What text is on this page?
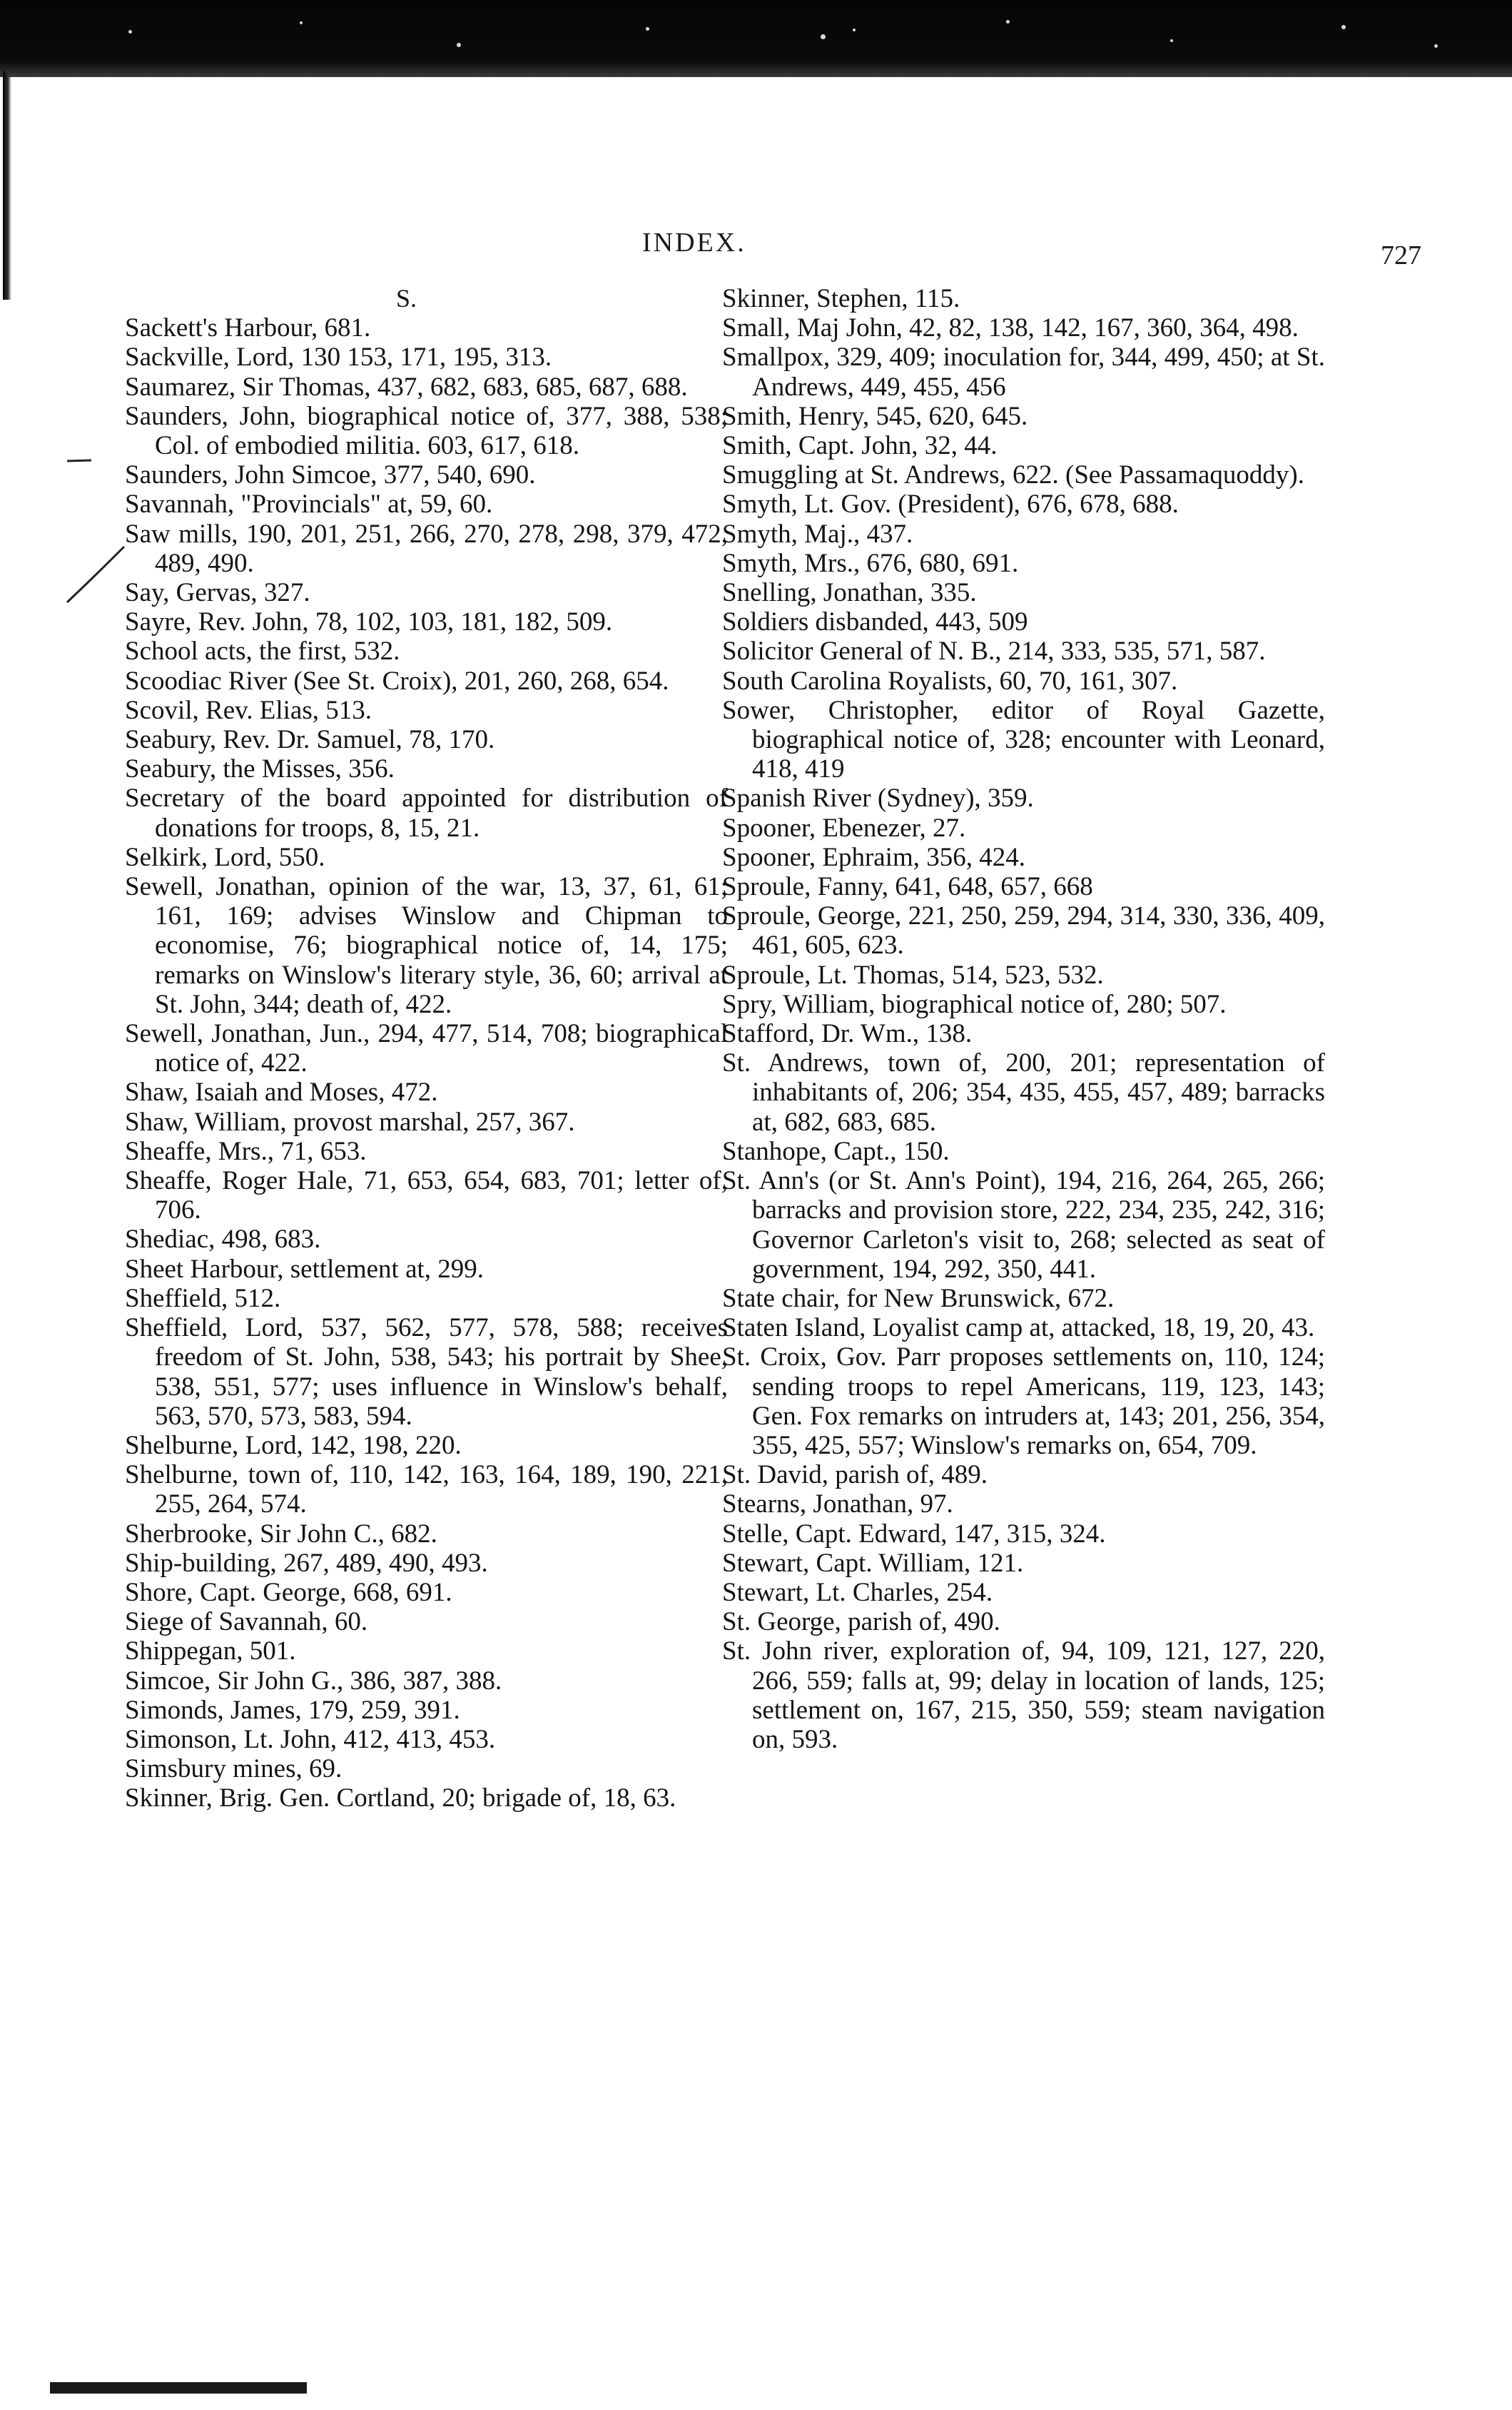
INDEX.	727
S.
Sackett's Harbour, 681.
Sackville, Lord, 130 153, 171, 195, 313.
Saumarez, Sir Thomas, 437, 682, 683, 685, 687, 688.
Saunders, John, biographical notice of, 377, 388, 538; Col. of embodied militia. 603, 617, 618.
Saunders, John Simcoe, 377, 540, 690.
Savannah, "Provincials" at, 59, 60.
Saw mills, 190, 201, 251, 266, 270, 278, 298, 379, 472, 489, 490.
Say, Gervas, 327.
Sayre, Rev. John, 78, 102, 103, 181, 182, 509.
School acts, the first, 532.
Scoodiac River (See St. Croix), 201, 260, 268, 654.
Scovil, Rev. Elias, 513.
Seabury, Rev. Dr. Samuel, 78, 170.
Seabury, the Misses, 356.
Secretary of the board appointed for distribution of donations for troops, 8, 15, 21.
Selkirk, Lord, 550.
Sewell, Jonathan, opinion of the war, 13, 37, 61, 61; 161, 169; advises Winslow and Chipman to economise, 76; biographical notice of, 14, 175; remarks on Winslow's literary style, 36, 60; arrival at St. John, 344; death of, 422.
Sewell, Jonathan, Jun., 294, 477, 514, 708; biographical notice of, 422.
Shaw, Isaiah and Moses, 472.
Shaw, William, provost marshal, 257, 367.
Sheaffe, Mrs., 71, 653.
Sheaffe, Roger Hale, 71, 653, 654, 683, 701; letter of, 706.
Shediac, 498, 683.
Sheet Harbour, settlement at, 299.
Sheffield, 512.
Sheffield, Lord, 537, 562, 577, 578, 588; receives freedom of St. John, 538, 543; his portrait by Shee, 538, 551, 577; uses influence in Winslow's behalf, 563, 570, 573, 583, 594.
Shelburne, Lord, 142, 198, 220.
Shelburne, town of, 110, 142, 163, 164, 189, 190, 221, 255, 264, 574.
Sherbrooke, Sir John C., 682.
Ship-building, 267, 489, 490, 493.
Shore, Capt. George, 668, 691.
Siege of Savannah, 60.
Shippegan, 501.
Simcoe, Sir John G., 386, 387, 388.
Simonds, James, 179, 259, 391.
Simonson, Lt. John, 412, 413, 453.
Simsbury mines, 69.
Skinner, Brig. Gen. Cortland, 20; brigade of, 18, 63.
Skinner, Stephen, 115.
Small, Maj John, 42, 82, 138, 142, 167, 360, 364, 498.
Smallpox, 329, 409; inoculation for, 344, 499, 450; at St. Andrews, 449, 455, 456
Smith, Henry, 545, 620, 645.
Smith, Capt. John, 32, 44.
Smuggling at St. Andrews, 622. (See Passamaquoddy).
Smyth, Lt. Gov. (President), 676, 678, 688.
Smyth, Maj., 437.
Smyth, Mrs., 676, 680, 691.
Snelling, Jonathan, 335.
Soldiers disbanded, 443, 509
Solicitor General of N. B., 214, 333, 535, 571, 587.
South Carolina Royalists, 60, 70, 161, 307.
Sower, Christopher, editor of Royal Gazette, biographical notice of, 328; encounter with Leonard, 418, 419
Spanish River (Sydney), 359.
Spooner, Ebenezer, 27.
Spooner, Ephraim, 356, 424.
Sproule, Fanny, 641, 648, 657, 668
Sproule, George, 221, 250, 259, 294, 314, 330, 336, 409, 461, 605, 623.
Sproule, Lt. Thomas, 514, 523, 532.
Spry, William, biographical notice of, 280; 507.
Stafford, Dr. Wm., 138.
St. Andrews, town of, 200, 201; representation of inhabitants of, 206; 354, 435, 455, 457, 489; barracks at, 682, 683, 685.
Stanhope, Capt., 150.
St. Ann's (or St. Ann's Point), 194, 216, 264, 265, 266; barracks and provision store, 222, 234, 235, 242, 316; Governor Carleton's visit to, 268; selected as seat of government, 194, 292, 350, 441.
State chair, for New Brunswick, 672.
Staten Island, Loyalist camp at, attacked, 18, 19, 20, 43.
St. Croix, Gov. Parr proposes settlements on, 110, 124; sending troops to repel Americans, 119, 123, 143; Gen. Fox remarks on intruders at, 143; 201, 256, 354, 355, 425, 557; Winslow's remarks on, 654, 709.
St. David, parish of, 489.
Stearns, Jonathan, 97.
Stelle, Capt. Edward, 147, 315, 324.
Stewart, Capt. William, 121.
Stewart, Lt. Charles, 254.
St. George, parish of, 490.
St. John river, exploration of, 94, 109, 121, 127, 220, 266, 559; falls at, 99; delay in location of lands, 125; settlement on, 167, 215, 350, 559; steam navigation on, 593.
